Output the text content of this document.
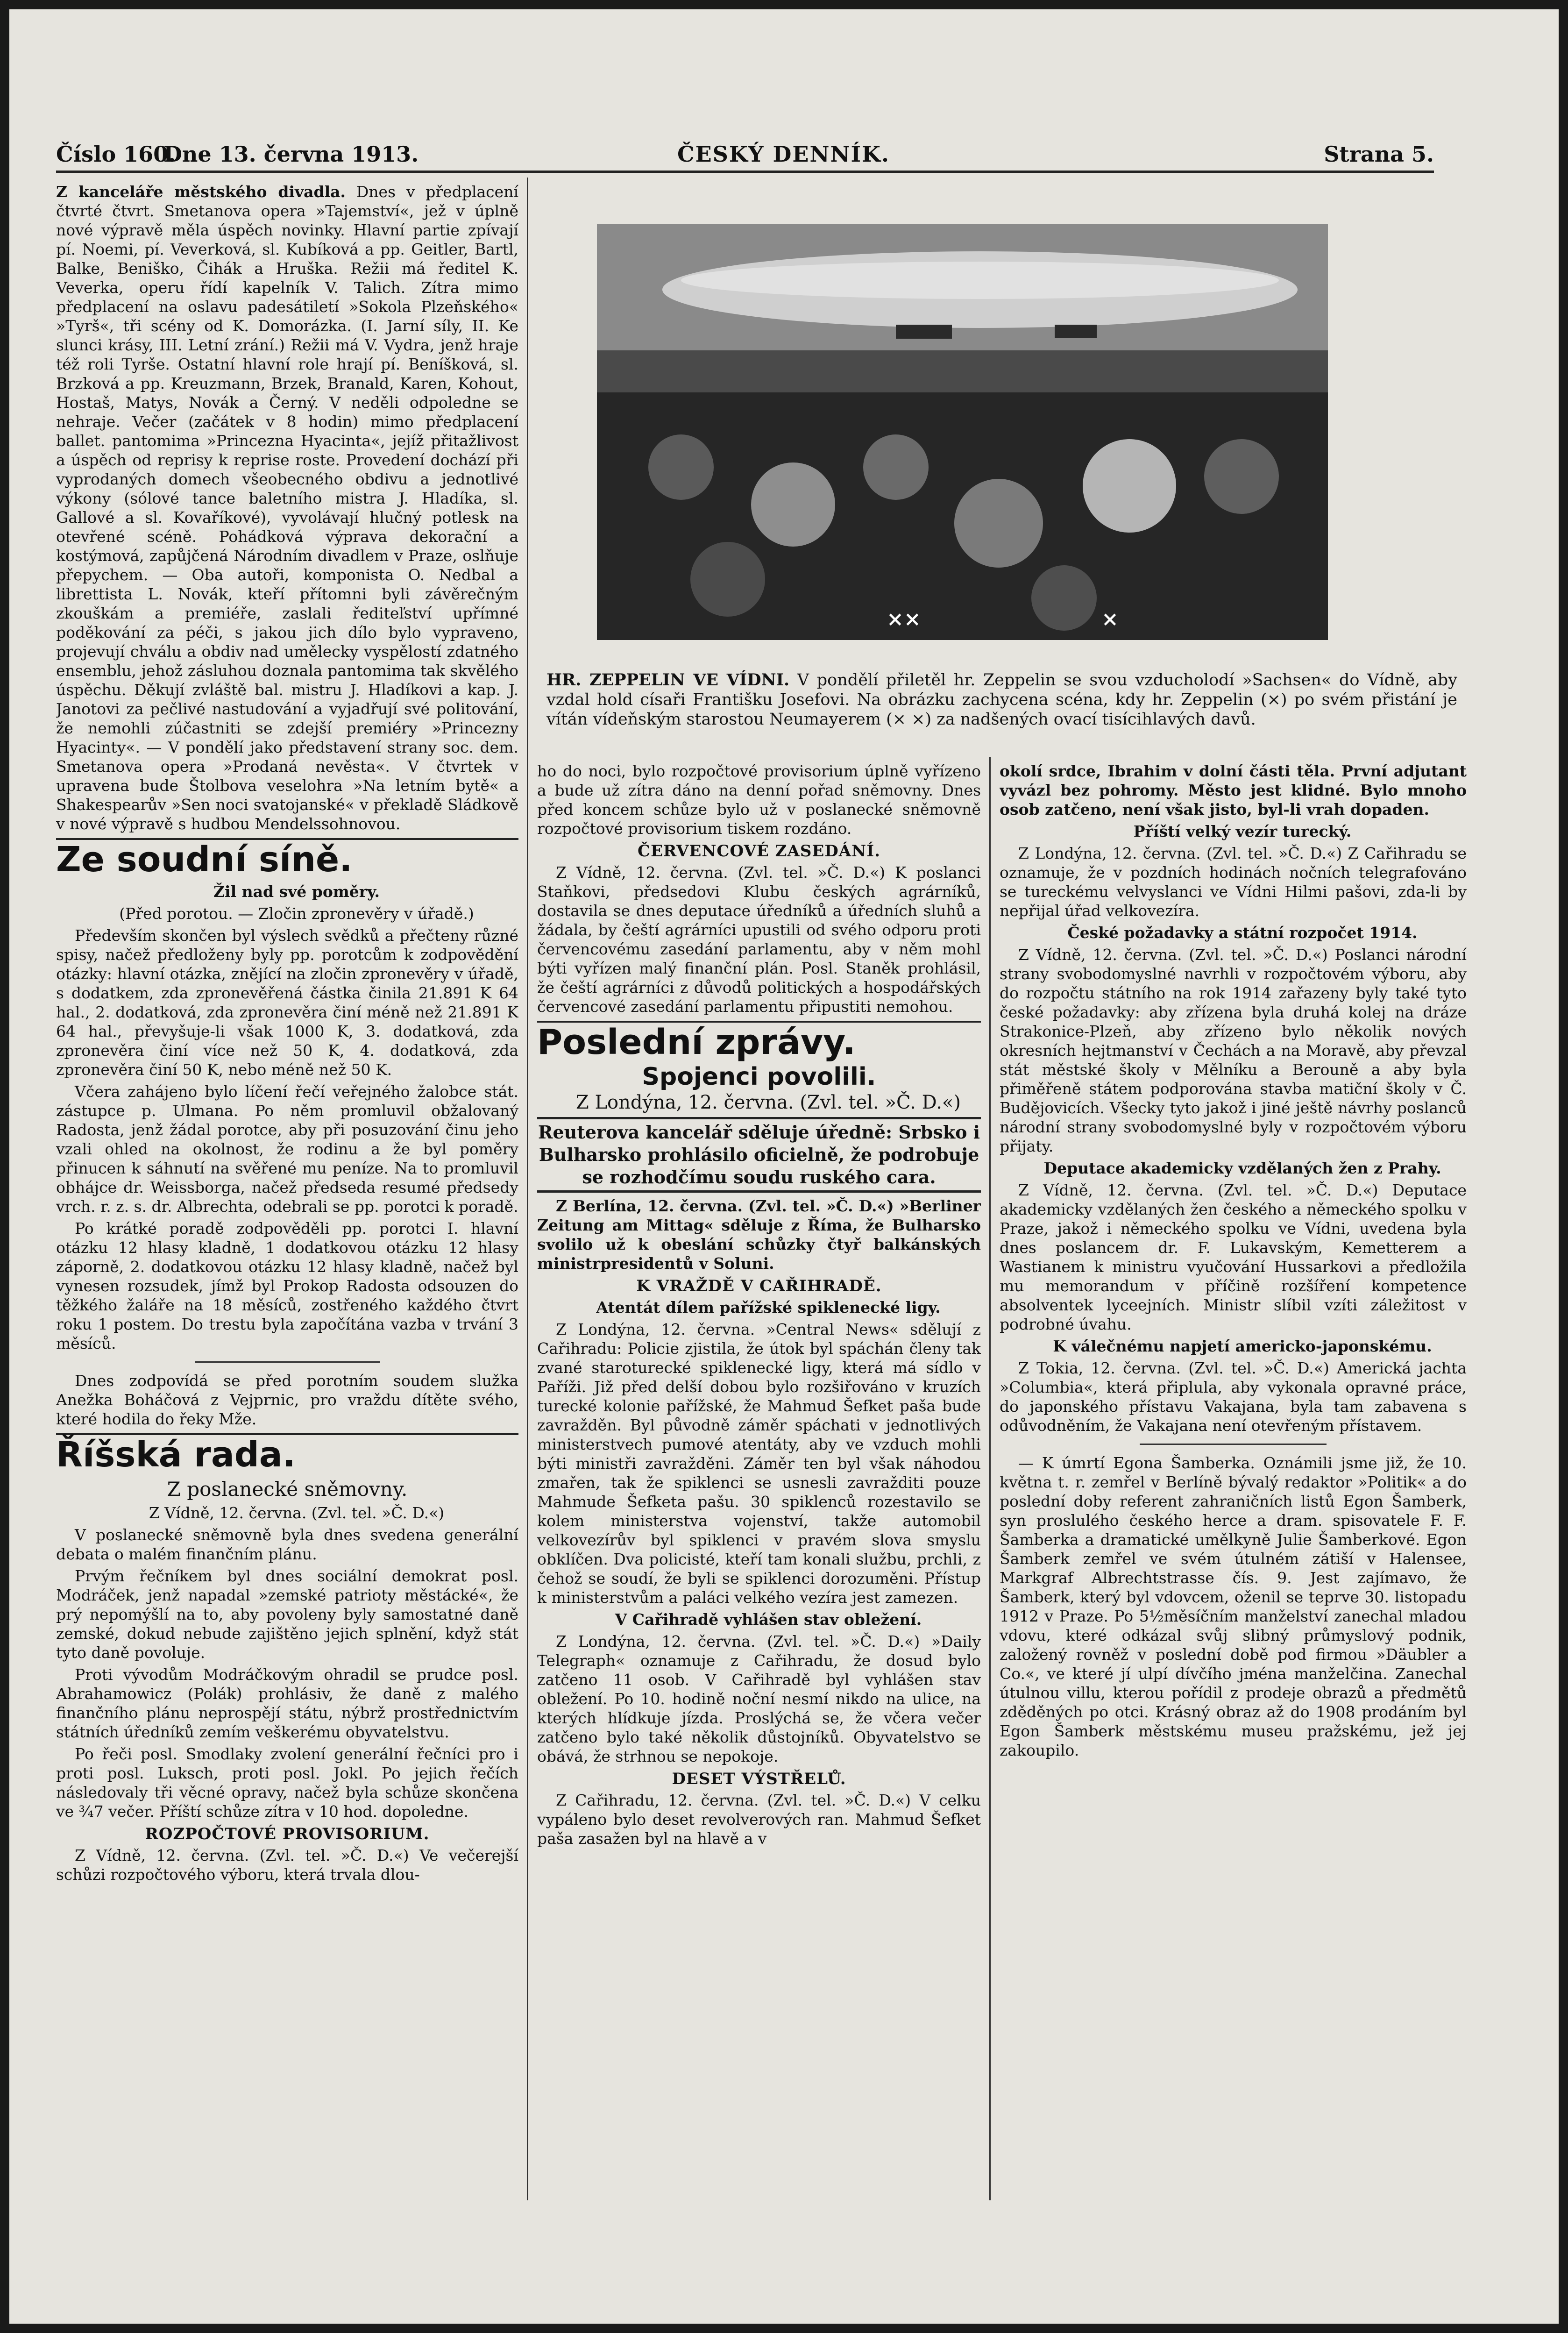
Číslo 160.
Dne 13. června 1913.	ČESKÝ DENNÍK.	Strana 5.
××	×
HR. ZEPPELIN VE VÍDNI. V pondělí přiletěl hr. Zeppelin se svou vzducholodí »Sachsen« do Vídně, aby vzdal hold císaři Františku Josefovi. Na obrázku zachycena scéna, kdy hr. Zeppelin (×) po svém přistání je vítán vídeňským starostou Neumayerem (× ×) za nadšených ovací tisícihlavých davů.

Z kanceláře městského divadla. Dnes v předplacení čtvrté čtvrt. Smetanova opera »Tajemství«, jež v úplně nové výpravě měla úspěch novinky. Hlavní partie zpívají pí. Noemi, pí. Veverková, sl. Kubíková a pp. Geitler, Bartl, Balke, Beniško, Čihák a Hruška. Režii má ředitel K. Veverka, operu řídí kapelník V. Talich. Zítra mimo předplacení na oslavu padesátiletí »Sokola Plzeňského« »Tyrš«, tři scény od K. Domorázka. (I. Jarní síly, II. Ke slunci krásy, III. Letní zrání.) Režii má V. Vydra, jenž hraje též roli Tyrše. Ostatní hlavní role hrají pí. Beníšková, sl. Brzková a pp. Kreuzmann, Brzek, Branald, Karen, Kohout, Hostaš, Matys, Novák a Černý. V neděli odpoledne se nehraje. Večer (začátek v 8 hodin) mimo předplacení ballet. pantomima »Princezna Hyacinta«, jejíž přitažlivost a úspěch od reprisy k reprise roste. Provedení dochází při vyprodaných domech všeobecného obdivu a jednotlivé výkony (sólové tance baletního mistra J. Hladíka, sl. Gallové a sl. Kovaříkové), vyvolávají hlučný potlesk na otevřené scéně. Pohádková výprava dekorační a kostýmová, zapůjčená Národním divadlem v Praze, oslňuje přepychem. — Oba autoři, komponista O. Nedbal a librettista L. Novák, kteří přítomni byli závěrečným zkouškám a premiéře, zaslali řediteľství upřímné poděkování za péči, s jakou jich dílo bylo vypraveno, projevují chválu a obdiv nad umělecky vyspělostí zdatného ensemblu, jehož zásluhou doznala pantomima tak skvělého úspěchu. Děkují zvláště bal. mistru J. Hladíkovi a kap. J. Janotovi za pečlivé nastudování a vyjadřují své politování, že nemohli zúčastniti se zdejší premiéry »Princezny Hyacinty«. — V pondělí jako představení strany soc. dem. Smetanova opera »Prodaná nevěsta«. V čtvrtek v upravena bude Štolbova veselohra »Na letním bytě« a Shakespearův »Sen noci svatojanské« v překladě Sládkově v nové výpravě s hudbou Mendelssohnovou.

Ze soudní síně.

Žil nad své poměry.

(Před porotou. — Zločin zpronevěry v úřadě.)

Především skončen byl výslech svědků a přečteny různé spisy, načež předloženy byly pp. porotcům k zodpovědění otázky: hlavní otázka, znějící na zločin zpronevěry v úřadě, s dodatkem, zda zpronevěřená částka činila 21.891 K 64 hal., 2. dodatková, zda zpronevěra činí méně než 21.891 K 64 hal., převyšuje-li však 1000 K, 3. dodatková, zda zpronevěra činí více než 50 K, 4. dodatková, zda zpronevěra činí 50 K, nebo méně než 50 K.

Včera zahájeno bylo líčení řečí veřejného žalobce stát. zástupce p. Ulmana. Po něm promluvil obžalovaný Radosta, jenž žádal porotce, aby při posuzování činu jeho vzali ohled na okolnost, že rodinu a že byl poměry přinucen k sáhnutí na svěřené mu peníze. Na to promluvil obhájce dr. Weissborga, načež předseda resumé předsedy vrch. r. z. s. dr. Albrechta, odebrali se pp. porotci k poradě.

Po krátké poradě zodpověděli pp. porotci I. hlavní otázku 12 hlasy kladně, 1 dodatkovou otázku 12 hlasy záporně, 2. dodatkovou otázku 12 hlasy kladně, načež byl vynesen rozsudek, jímž byl Prokop Radosta odsouzen do těžkého žaláře na 18 měsíců, zostřeného každého čtvrt roku 1 postem. Do trestu byla započítána vazba v trvání 3 měsíců.

Dnes zodpovídá se před porotním soudem služka Anežka Boháčová z Vejprnic, pro vraždu dítěte svého, které hodila do řeky Mže.

Říšská rada.
Z poslanecké sněmovny.

Z Vídně, 12. června. (Zvl. tel. »Č. D.«)

V poslanecké sněmovně byla dnes svedena generální debata o malém finančním plánu.

Prvým řečníkem byl dnes sociální demokrat posl. Modráček, jenž napadal »zemské patrioty městácké«, že prý nepomýšlí na to, aby povoleny byly samostatné daně zemské, dokud nebude zajištěno jejich splnění, když stát tyto daně povoluje.

Proti vývodům Modráčkovým ohradil se prudce posl. Abrahamowicz (Polák) prohlásiv, že daně z malého finančního plánu neprospějí státu, nýbrž prostřednictvím státních úředníků zemím veškerému obyvatelstvu.

Po řeči posl. Smodlaky zvolení generální řečníci pro i proti posl. Luksch, proti posl. Jokl. Po jejich řečích následovaly tři věcné opravy, načež byla schůze skončena ve ¾7 večer. Příští schůze zítra v 10 hod. dopoledne.

ROZPOČTOVÉ PROVISORIUM.

Z Vídně, 12. června. (Zvl. tel. »Č. D.«) Ve večerejší schůzi rozpočtového výboru, která trvala dlou-

ho do noci, bylo rozpočtové provisorium úplně vyřízeno a bude už zítra dáno na denní pořad sněmovny. Dnes před koncem schůze bylo už v poslanecké sněmovně rozpočtové provisorium tiskem rozdáno.

ČERVENCOVÉ ZASEDÁNÍ.

Z Vídně, 12. června. (Zvl. tel. »Č. D.«) K poslanci Staňkovi, předsedovi Klubu českých agrárníků, dostavila se dnes deputace úředníků a úředních sluhů a žádala, by čeští agrárníci upustili od svého odporu proti červencovému zasedání parlamentu, aby v něm mohl býti vyřízen malý finanční plán. Posl. Staněk prohlásil, že čeští agrárníci z důvodů politických a hospodářských červencové zasedání parlamentu připustiti nemohou.

Poslední zprávy.
Spojenci povolili.

Z Londýna, 12. června. (Zvl. tel. »Č. D.«)

Reuterova kancelář sděluje úředně: Srbsko i Bulharsko prohlásilo oficielně, že podrobuje se rozhodčímu soudu ruského cara.

Z Berlína, 12. června. (Zvl. tel. »Č. D.«) »Berliner Zeitung am Mittag« sděluje z Říma, že Bulharsko svolilo už k obeslání schůzky čtyř balkánských ministrpresidentů v Soluni.

K VRAŽDĚ V CAŘIHRADĚ.

Atentát dílem pařížské spiklenecké ligy.

Z Londýna, 12. června. »Central News« sdělují z Cařihradu: Policie zjistila, že útok byl spáchán členy tak zvané staroturecké spiklenecké ligy, která má sídlo v Paříži. Již před delší dobou bylo rozšiřováno v kruzích turecké kolonie pařížské, že Mahmud Šefket paša bude zavražděn. Byl původně záměr spáchati v jednotlivých ministerstvech pumové atentáty, aby ve vzduch mohli býti ministři zavražděni. Záměr ten byl však náhodou zmařen, tak že spiklenci se usnesli zavražditi pouze Mahmude Šefketa pašu. 30 spiklenců rozestavilo se kolem ministerstva vojenství, takže automobil velkovezírův byl spiklenci v pravém slova smyslu obklíčen. Dva policisté, kteří tam konali službu, prchli, z čehož se soudí, že byli se spiklenci dorozuměni. Přístup k ministerstvům a paláci velkého vezíra jest zamezen.

V Cařihradě vyhlášen stav obležení.

Z Londýna, 12. června. (Zvl. tel. »Č. D.«) »Daily Telegraph« oznamuje z Cařihradu, že dosud bylo zatčeno 11 osob. V Cařihradě byl vyhlášen stav obležení. Po 10. hodině noční nesmí nikdo na ulice, na kterých hlídkuje jízda. Proslýchá se, že včera večer zatčeno bylo také několik důstojníků. Obyvatelstvo se obává, že strhnou se nepokoje.

DESET VÝSTŘELŮ.

Z Cařihradu, 12. června. (Zvl. tel. »Č. D.«) V celku vypáleno bylo deset revolverových ran. Mahmud Šefket paša zasažen byl na hlavě a v

okolí srdce, Ibrahim v dolní části těla. První adjutant vyvázl bez pohromy. Město jest klidné. Bylo mnoho osob zatčeno, není však jisto, byl-li vrah dopaden.

Příští velký vezír turecký.

Z Londýna, 12. června. (Zvl. tel. »Č. D.«) Z Cařihradu se oznamuje, že v pozdních hodinách nočních telegrafováno se tureckému velvyslanci ve Vídni Hilmi pašovi, zda-li by nepřijal úřad velkovezíra.

České požadavky a státní rozpočet 1914.

Z Vídně, 12. června. (Zvl. tel. »Č. D.«) Poslanci národní strany svobodomyslné navrhli v rozpočtovém výboru, aby do rozpočtu státního na rok 1914 zařazeny byly také tyto české požadavky: aby zřízena byla druhá kolej na dráze Strakonice-Plzeň, aby zřízeno bylo několik nových okresních hejtmanství v Čechách a na Moravě, aby převzal stát městské školy v Mělníku a Berouně a aby byla přiměřeně státem podporována stavba matiční školy v Č. Budějovicích. Všecky tyto jakož i jiné ještě návrhy poslanců národní strany svobodomyslné byly v rozpočtovém výboru přijaty.

Deputace akademicky vzdělaných žen z Prahy.

Z Vídně, 12. června. (Zvl. tel. »Č. D.«) Deputace akademicky vzdělaných žen českého a německého spolku v Praze, jakož i německého spolku ve Vídni, uvedena byla dnes poslancem dr. F. Lukavským, Kemetterem a Wastianem k ministru vyučování Hussarkovi a předložila mu memorandum v příčině rozšíření kompetence absolventek lyceejních. Ministr slíbil vzíti záležitost v podrobné úvahu.

K válečnému napjetí americko-japonskému.

Z Tokia, 12. června. (Zvl. tel. »Č. D.«) Americká jachta »Columbia«, která připlula, aby vykonala opravné práce, do japonského přístavu Vakajana, byla tam zabavena s odůvodněním, že Vakajana není otevřeným přístavem.

— K úmrtí Egona Šamberka. Oznámili jsme již, že 10. května t. r. zemřel v Berlíně bývalý redaktor »Politik« a do poslední doby referent zahraničních listů Egon Šamberk, syn proslulého českého herce a dram. spisovatele F. F. Šamberka a dramatické umělkyně Julie Šamberkové. Egon Šamberk zemřel ve svém útulném zátiší v Halensee, Markgraf Albrechtstrasse čís. 9. Jest zajímavo, že Šamberk, který byl vdovcem, oženil se teprve 30. listopadu 1912 v Praze. Po 5½měsíčním manželství zanechal mladou vdovu, které odkázal svůj slibný průmyslový podnik, založený rovněž v poslední době pod firmou »Däubler a Co.«, ve které jí ulpí dívčího jména manželčina. Zanechal útulnou villu, kterou pořídil z prodeje obrazů a předmětů zděděných po otci. Krásný obraz až do 1908 prodáním byl Egon Šamberk městskému museu pražskému, jež jej zakoupilo.
